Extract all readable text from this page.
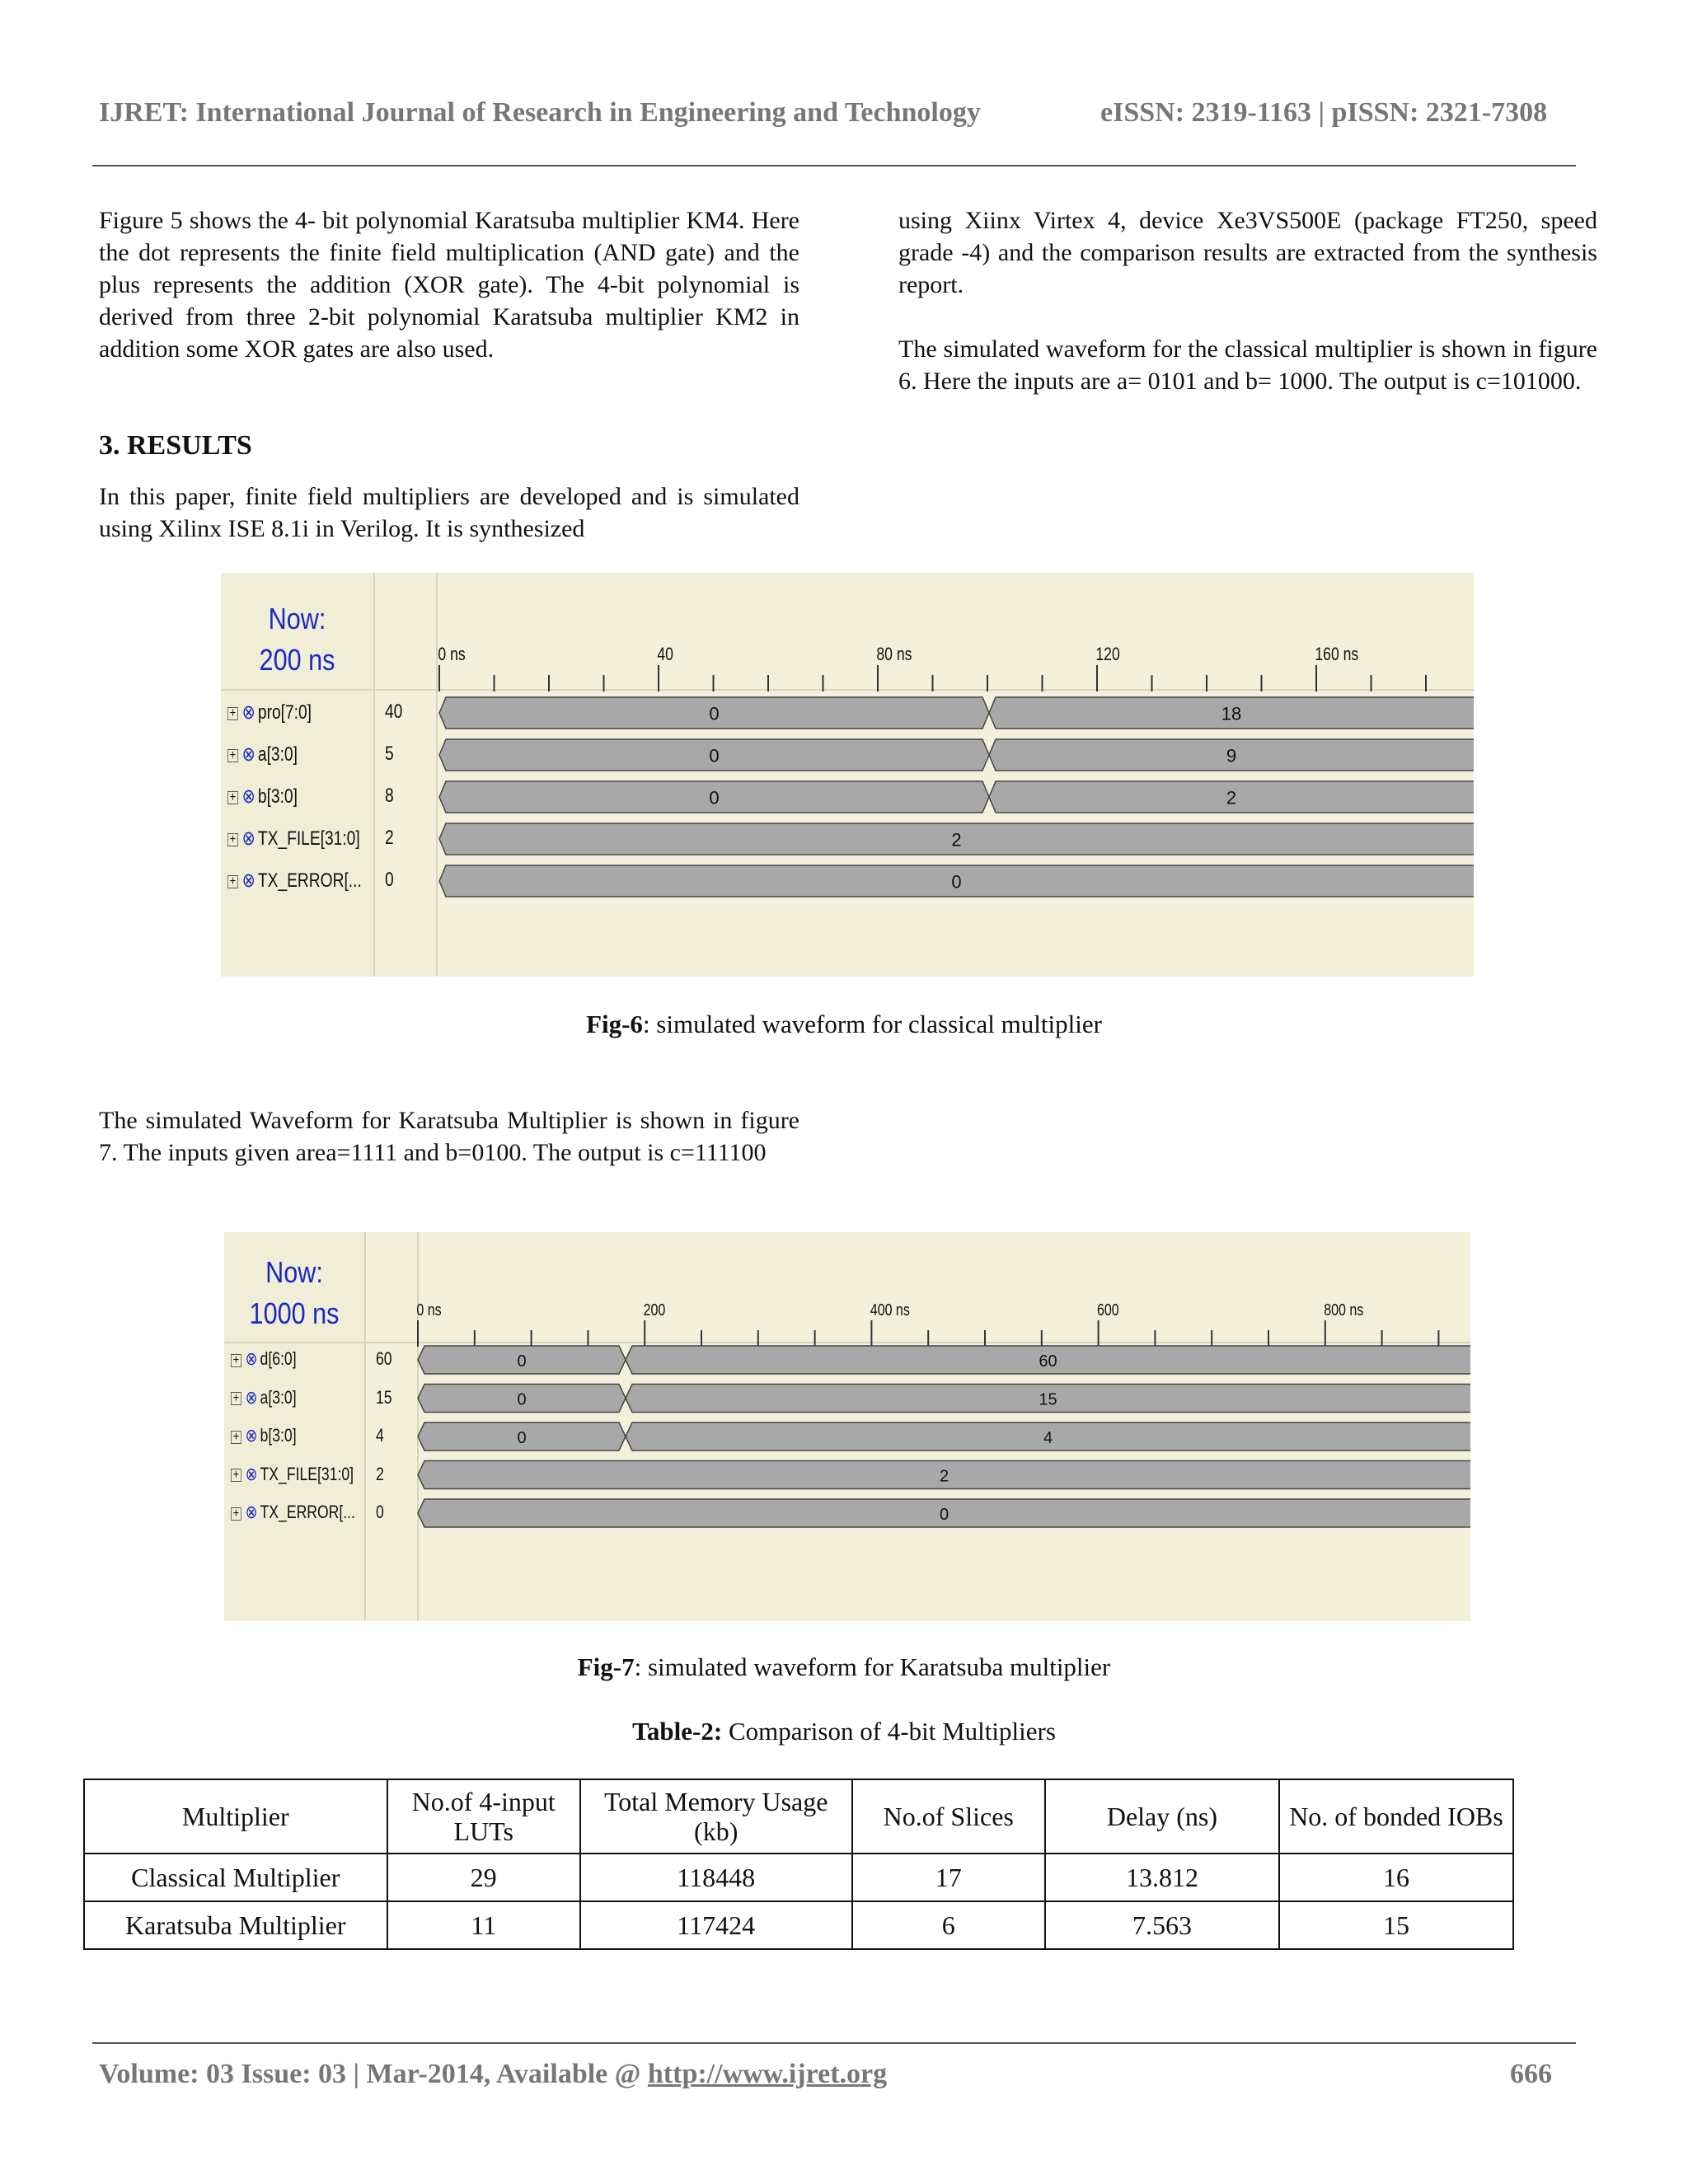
IJRET: International Journal of Research in Engineering and Technology	eISSN: 2319-1163 | pISSN: 2321-7308

Figure 5 shows the 4- bit polynomial Karatsuba multiplier KM4. Here the dot represents the finite field multiplication (AND gate) and the plus represents the addition (XOR gate). The 4-bit polynomial is derived from three 2-bit polynomial Karatsuba multiplier KM2 in addition some XOR gates are also used.

3. RESULTS

In this paper, finite field multipliers are developed and is simulated using Xilinx ISE 8.1i in Verilog. It is synthesized

using Xiinx Virtex 4, device Xe3VS500E (package FT250, speed grade -4) and the comparison results are extracted from the synthesis report.

The simulated waveform for the classical multiplier is shown in figure 6. Here the inputs are a= 0101 and b= 1000. The output is c=101000.

Now:
200 ns
+ ⊗ pro[7:0]	40
+ ⊗ a[3:0]	5
+ ⊗ b[3:0]	8
+ ⊗ TX_FILE[31:0] 2
+ ⊗ TX_ERROR[... 0
0 ns	40	80 ns	120	160 ns
0	18
0	9
0	2
2
0
Fig-6: simulated waveform for classical multiplier

The simulated Waveform for Karatsuba Multiplier is shown in figure 7. The inputs given area=1111 and b=0100. The output is c=111100

Now:
1000 ns
+ ⊗ d[6:0]	60
+ ⊗ a[3:0]	15
+ ⊗ b[3:0]	4
+ ⊗ TX_FILE[31:0] 2
+ ⊗ TX_ERROR[... 0
0 ns	200	400 ns	600	800 ns
0	60
0	15
0	4
2
0
Fig-7: simulated waveform for Karatsuba multiplier
Table-2: Comparison of 4-bit Multipliers
Multiplier	No.of 4-input LUTs	Total Memory Usage (kb)	No.of Slices	Delay (ns)	No. of bonded IOBs
Classical Multiplier	29	118448	17	13.812	16
Karatsuba Multiplier	11	117424	6	7.563	15
Volume: 03 Issue: 03 | Mar-2014, Available @ http://www.ijret.org	666
